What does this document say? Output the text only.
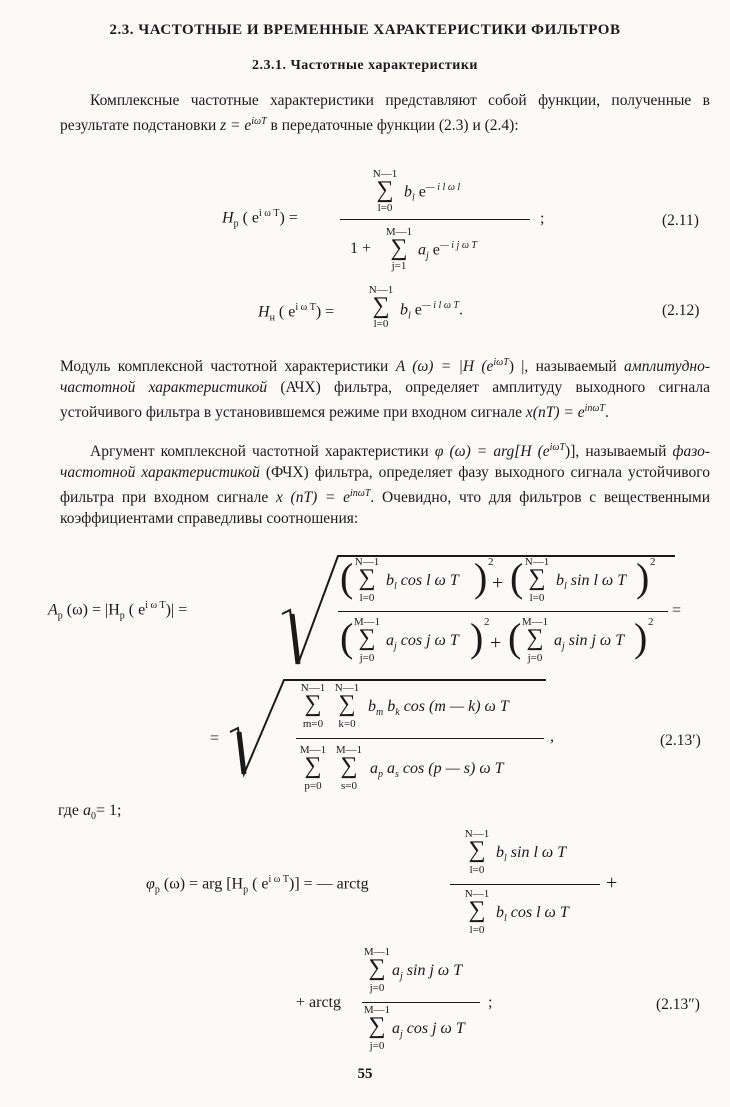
2.3. ЧАСТОТНЫЕ И ВРЕМЕННЫЕ ХАРАКТЕРИСТИКИ ФИЛЬТРОВ
2.3.1. Частотные характеристики
Комплексные частотные характеристики представляют собой функции, полученные в результате подстановки $z = e^{i\omega T}$ в передаточные функции (2.3) и (2.4):
$H_р$ ( $e^{i \omega T}$) =
N—1
∑
l=0
$b_l$ $e^{— i l \omega l}$
1 +
M—1
∑
j=1
$a_j$ $e^{— i j \omega T}$
;	(2.11)
$H_н$ ( $e^{i \omega T}$) =
N—1
∑
l=0
$b_l$ $e^{— i l \omega T}$.	(2.12)
Модуль комплексной частотной характеристики A (ω) = |H $(e^{i\omega T})$ |, называемый амплитудно-частотной характеристикой (АЧХ) фильтра, определяет амплитуду выходного сигнала устойчивого фильтра в установившемся режиме при входном сигнале $x(nT) = e^{in\omega T}$.
Аргумент комплексной частотной характеристики φ (ω) = arg[H $(e^{i\omega T})$], называемый фазо-частотной характеристикой (ФЧХ) фильтра, определяет фазу выходного сигнала устойчивого фильтра при входном сигнале x $(nT) = e^{in\omega T}$. Очевидно, что для фильтров с вещественными коэффициентами справедливы соотношения:
$A_р$ $(\omega) = |H_р$ ( $e^{i \omega T})|$ =
( N—1
∑
l=0
$b_l$ cos l ω T ) 2
+ ( N—1
∑
l=0
$b_l$ sin l ω T ) 2
=
( M—1
∑
j=0
$a_j$ cos j ω T ) 2
+ ( M—1
∑
j=0
$a_j$ sin j ω T ) 2
=
N—1
∑
m=0
N—1
∑
k=0
$b_m$ $b_k$ cos (m — k) ω T
M—1
∑
p=0
M—1
∑
s=0
$a_p$ $a_s$ cos (p — s) ω T
,	(2.13′)
где $a_0= 1$;
$\varphi_р$ (ω) = arg [$H_р$ ( $e^{i \omega T}$)] = — arctg
N—1
∑
l=0
$b_l$ sin l ω T
N—1
∑
l=0
$b_l$ cos l ω T
+
+ arctg
M—1
∑
j=0
$a_j$ sin j ω T
M—1
∑
j=0
$a_j$ cos j ω T
;	(2.13″)
55
